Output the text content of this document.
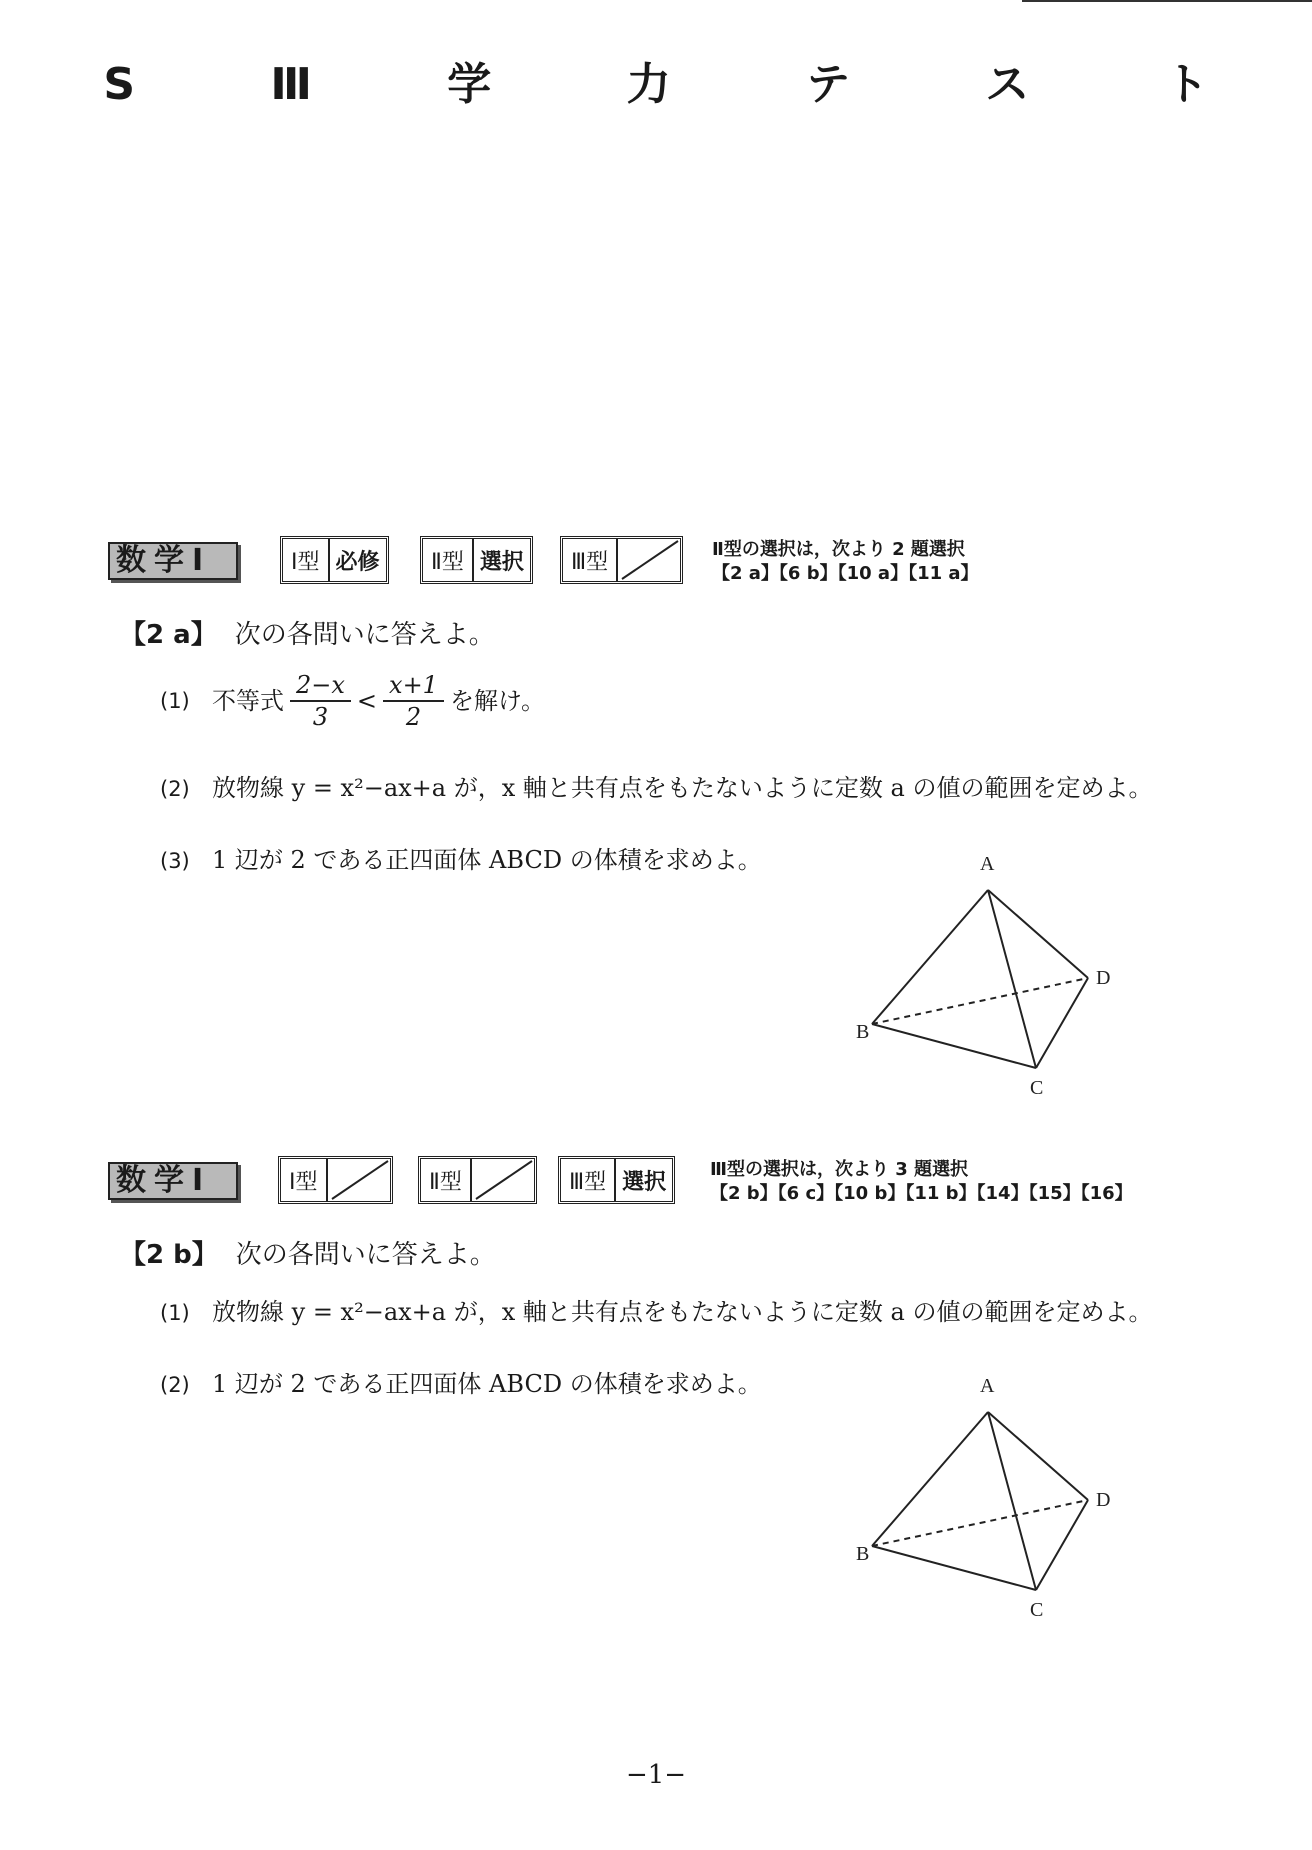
S Ⅲ 学 力 テ ス ト
数学Ⅰ	Ⅰ型 必修	Ⅱ型 選択	Ⅲ型	Ⅱ型の選択は，次より 2 題選択
【2 a】【6 b】【10 a】【11 a】
【2 a】 次の各問いに答えよ。
(1) 不等式 $\frac{2-x}{3} < \frac{x+1}{2}$ を解け。
(2) 放物線 y = x²−ax+a が，x 軸と共有点をもたないように定数 a の値の範囲を定めよ。
(3) 1 辺が 2 である正四面体 ABCD の体積を求めよ。	A
B
C
D
数学Ⅰ	Ⅰ型	Ⅱ型	Ⅲ型 選択	Ⅲ型の選択は，次より 3 題選択
【2 b】【6 c】【10 b】【11 b】【14】【15】【16】
【2 b】 次の各問いに答えよ。
(1) 放物線 y = x²−ax+a が，x 軸と共有点をもたないように定数 a の値の範囲を定めよ。
(2) 1 辺が 2 である正四面体 ABCD の体積を求めよ。	A
B
C
D
−1−
